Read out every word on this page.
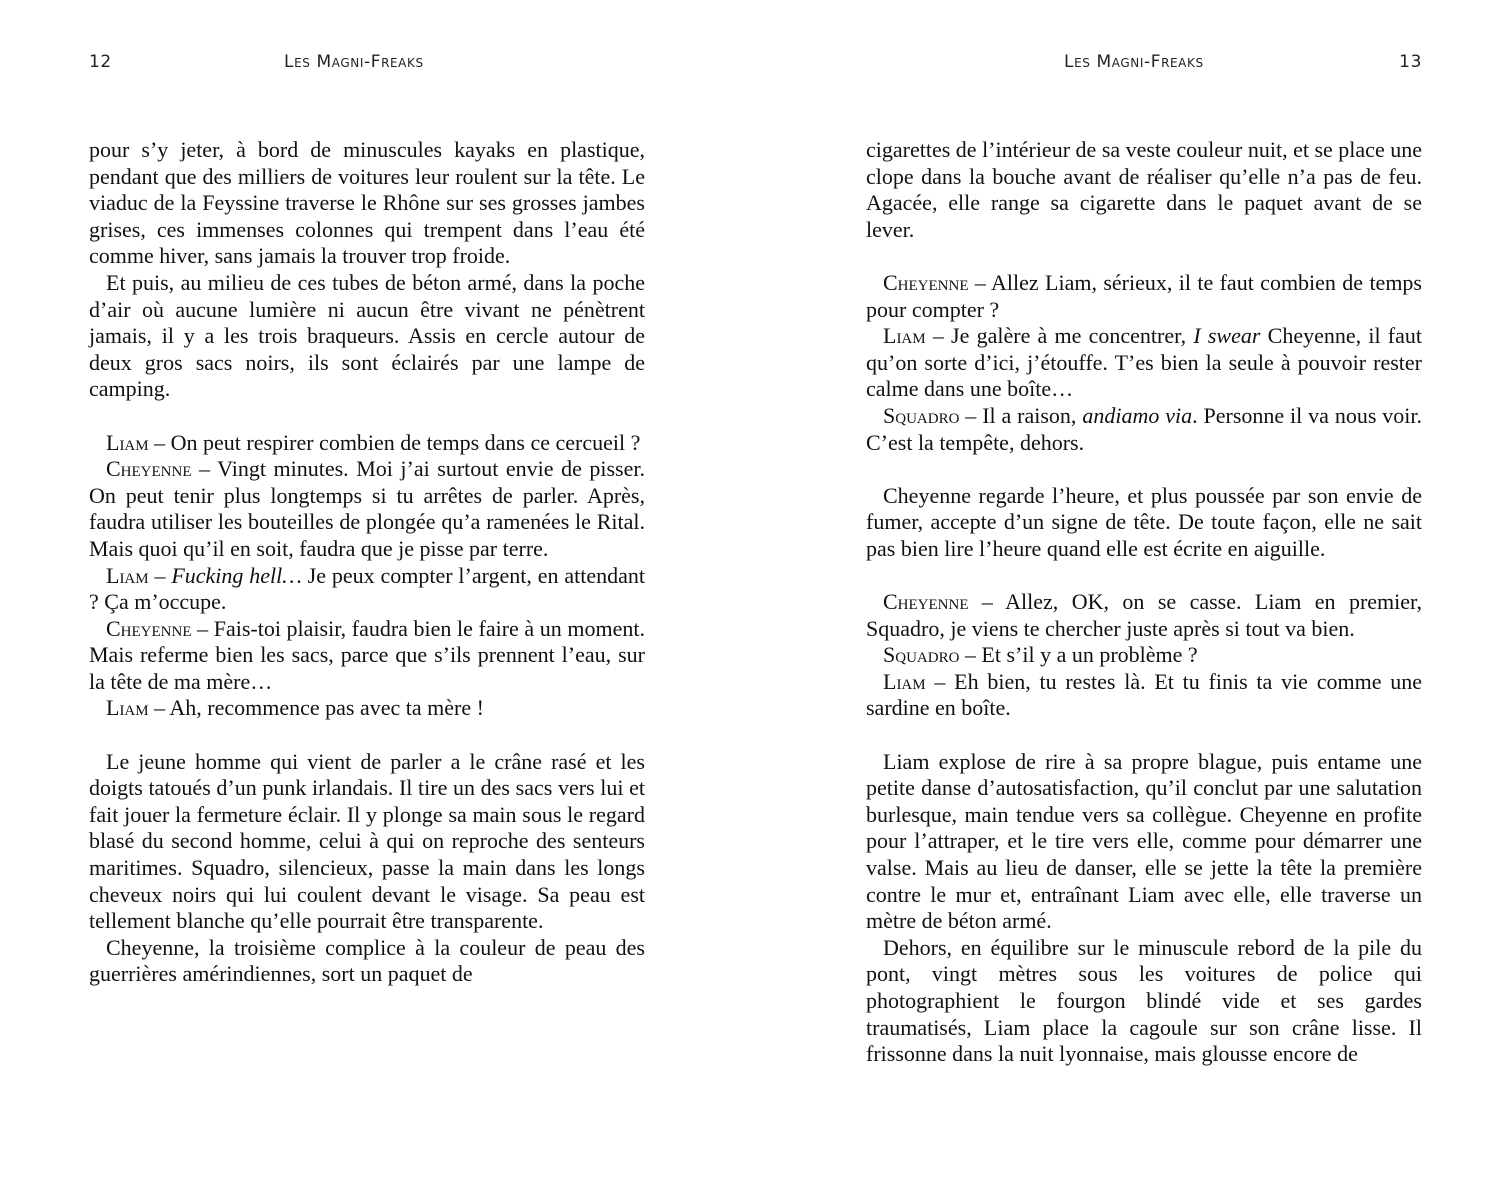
12	Les Magni-Freaks

pour s’y jeter, à bord de minuscules kayaks en plastique, pendant que des milliers de voitures leur roulent sur la tête. Le viaduc de la Feyssine traverse le Rhône sur ses grosses jambes grises, ces immenses colonnes qui trempent dans l’eau été comme hiver, sans jamais la trouver trop froide.

Et puis, au milieu de ces tubes de béton armé, dans la poche d’air où aucune lumière ni aucun être vivant ne pénètrent jamais, il y a les trois braqueurs. Assis en cercle autour de deux gros sacs noirs, ils sont éclairés par une lampe de camping.

Liam – On peut respirer combien de temps dans ce cercueil ?

Cheyenne – Vingt minutes. Moi j’ai surtout envie de pisser. On peut tenir plus longtemps si tu arrêtes de parler. Après, faudra utiliser les bouteilles de plongée qu’a ramenées le Rital. Mais quoi qu’il en soit, faudra que je pisse par terre.

Liam – Fucking hell… Je peux compter l’argent, en attendant ? Ça m’occupe.

Cheyenne – Fais-toi plaisir, faudra bien le faire à un moment. Mais referme bien les sacs, parce que s’ils prennent l’eau, sur la tête de ma mère…

Liam – Ah, recommence pas avec ta mère !

Le jeune homme qui vient de parler a le crâne rasé et les doigts tatoués d’un punk irlandais. Il tire un des sacs vers lui et fait jouer la fermeture éclair. Il y plonge sa main sous le regard blasé du second homme, celui à qui on reproche des senteurs maritimes. Squadro, silencieux, passe la main dans les longs cheveux noirs qui lui coulent devant le visage. Sa peau est tellement blanche qu’elle pourrait être transparente.

Cheyenne, la troisième complice à la couleur de peau des guerrières amérindiennes, sort un paquet de

Les Magni-Freaks	13

cigarettes de l’intérieur de sa veste couleur nuit, et se place une clope dans la bouche avant de réaliser qu’elle n’a pas de feu. Agacée, elle range sa cigarette dans le paquet avant de se lever.

Cheyenne – Allez Liam, sérieux, il te faut combien de temps pour compter ?

Liam – Je galère à me concentrer, I swear Cheyenne, il faut qu’on sorte d’ici, j’étouffe. T’es bien la seule à pouvoir rester calme dans une boîte…

Squadro – Il a raison, andiamo via. Personne il va nous voir. C’est la tempête, dehors.

Cheyenne regarde l’heure, et plus poussée par son envie de fumer, accepte d’un signe de tête. De toute façon, elle ne sait pas bien lire l’heure quand elle est écrite en aiguille.

Cheyenne – Allez, OK, on se casse. Liam en premier, Squadro, je viens te chercher juste après si tout va bien.

Squadro – Et s’il y a un problème ?

Liam – Eh bien, tu restes là. Et tu finis ta vie comme une sardine en boîte.

Liam explose de rire à sa propre blague, puis entame une petite danse d’autosatisfaction, qu’il conclut par une salutation burlesque, main tendue vers sa collègue. Cheyenne en profite pour l’attraper, et le tire vers elle, comme pour démarrer une valse. Mais au lieu de danser, elle se jette la tête la première contre le mur et, entraînant Liam avec elle, elle traverse un mètre de béton armé.

Dehors, en équilibre sur le minuscule rebord de la pile du pont, vingt mètres sous les voitures de police qui photographient le fourgon blindé vide et ses gardes traumatisés, Liam place la cagoule sur son crâne lisse. Il frissonne dans la nuit lyonnaise, mais glousse encore de
